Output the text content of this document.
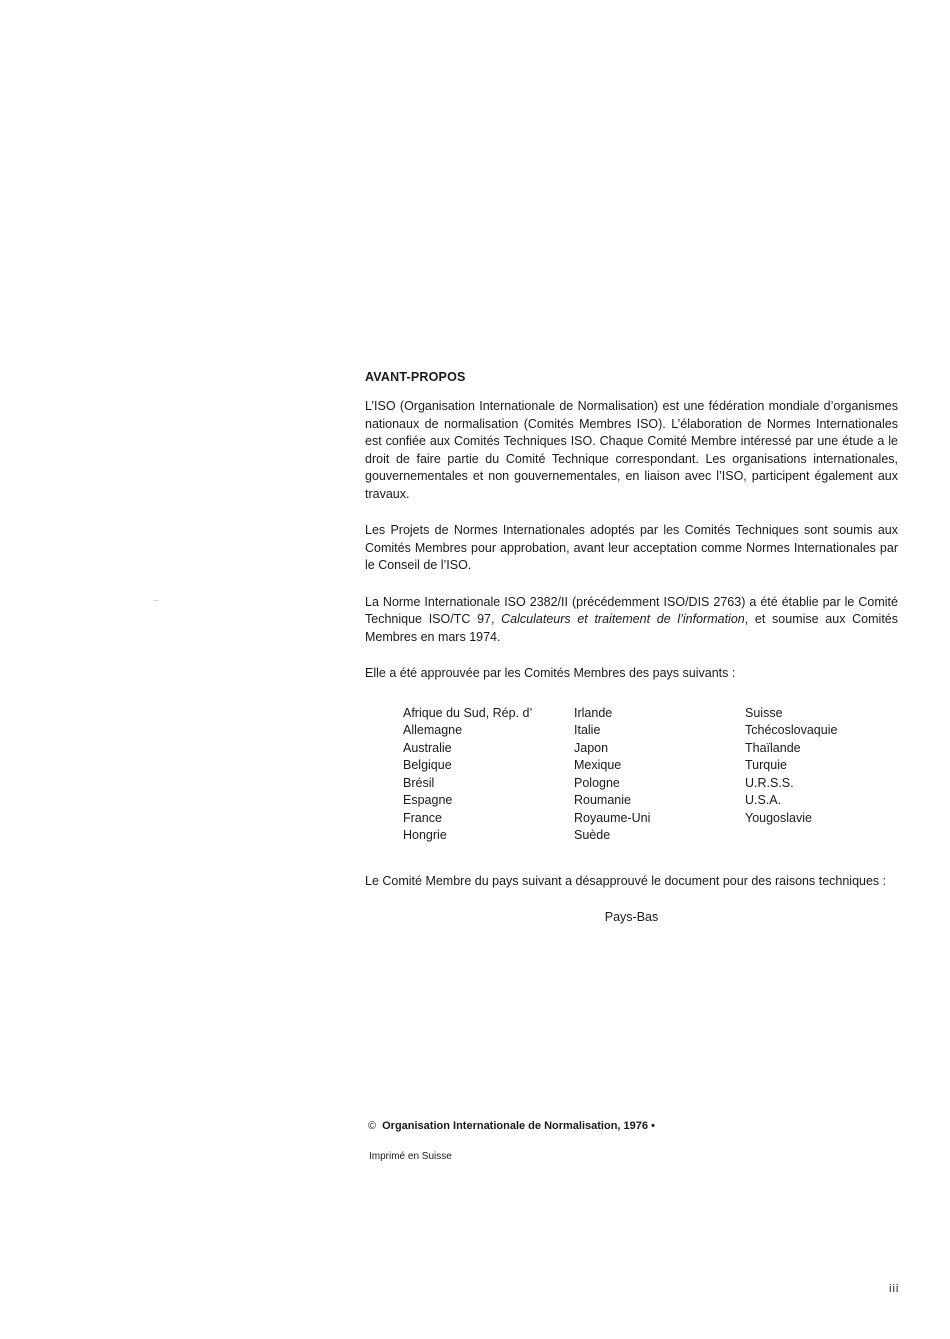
AVANT-PROPOS

L’ISO (Organisation Internationale de Normalisation) est une fédération mondiale d’organismes nationaux de normalisation (Comités Membres ISO). L’élaboration de Normes Internationales est confiée aux Comités Techniques ISO. Chaque Comité Membre intéressé par une étude a le droit de faire partie du Comité Technique correspondant. Les organisations internationales, gouvernementales et non gouvernementales, en liaison avec l’ISO, participent également aux travaux.

Les Projets de Normes Internationales adoptés par les Comités Techniques sont soumis aux Comités Membres pour approbation, avant leur acceptation comme Normes Internationales par le Conseil de l’ISO.

La Norme Internationale ISO 2382/II (précédemment ISO/DIS 2763) a été établie par le Comité Technique ISO/TC 97, Calculateurs et traitement de l’information, et soumise aux Comités Membres en mars 1974.

Elle a été approuvée par les Comités Membres des pays suivants :

Afrique du Sud, Rép. d’
Allemagne
Australie
Belgique
Brésil
Espagne
France
Hongrie
Irlande
Italie
Japon
Mexique
Pologne
Roumanie
Royaume-Uni
Suède
Suisse
Tchécoslovaquie
Thaïlande
Turquie
U.R.S.S.
U.S.A.
Yougoslavie

Le Comité Membre du pays suivant a désapprouvé le document pour des raisons techniques :

Pays-Bas

© Organisation Internationale de Normalisation, 1976 •
Imprimé en Suisse
iii
